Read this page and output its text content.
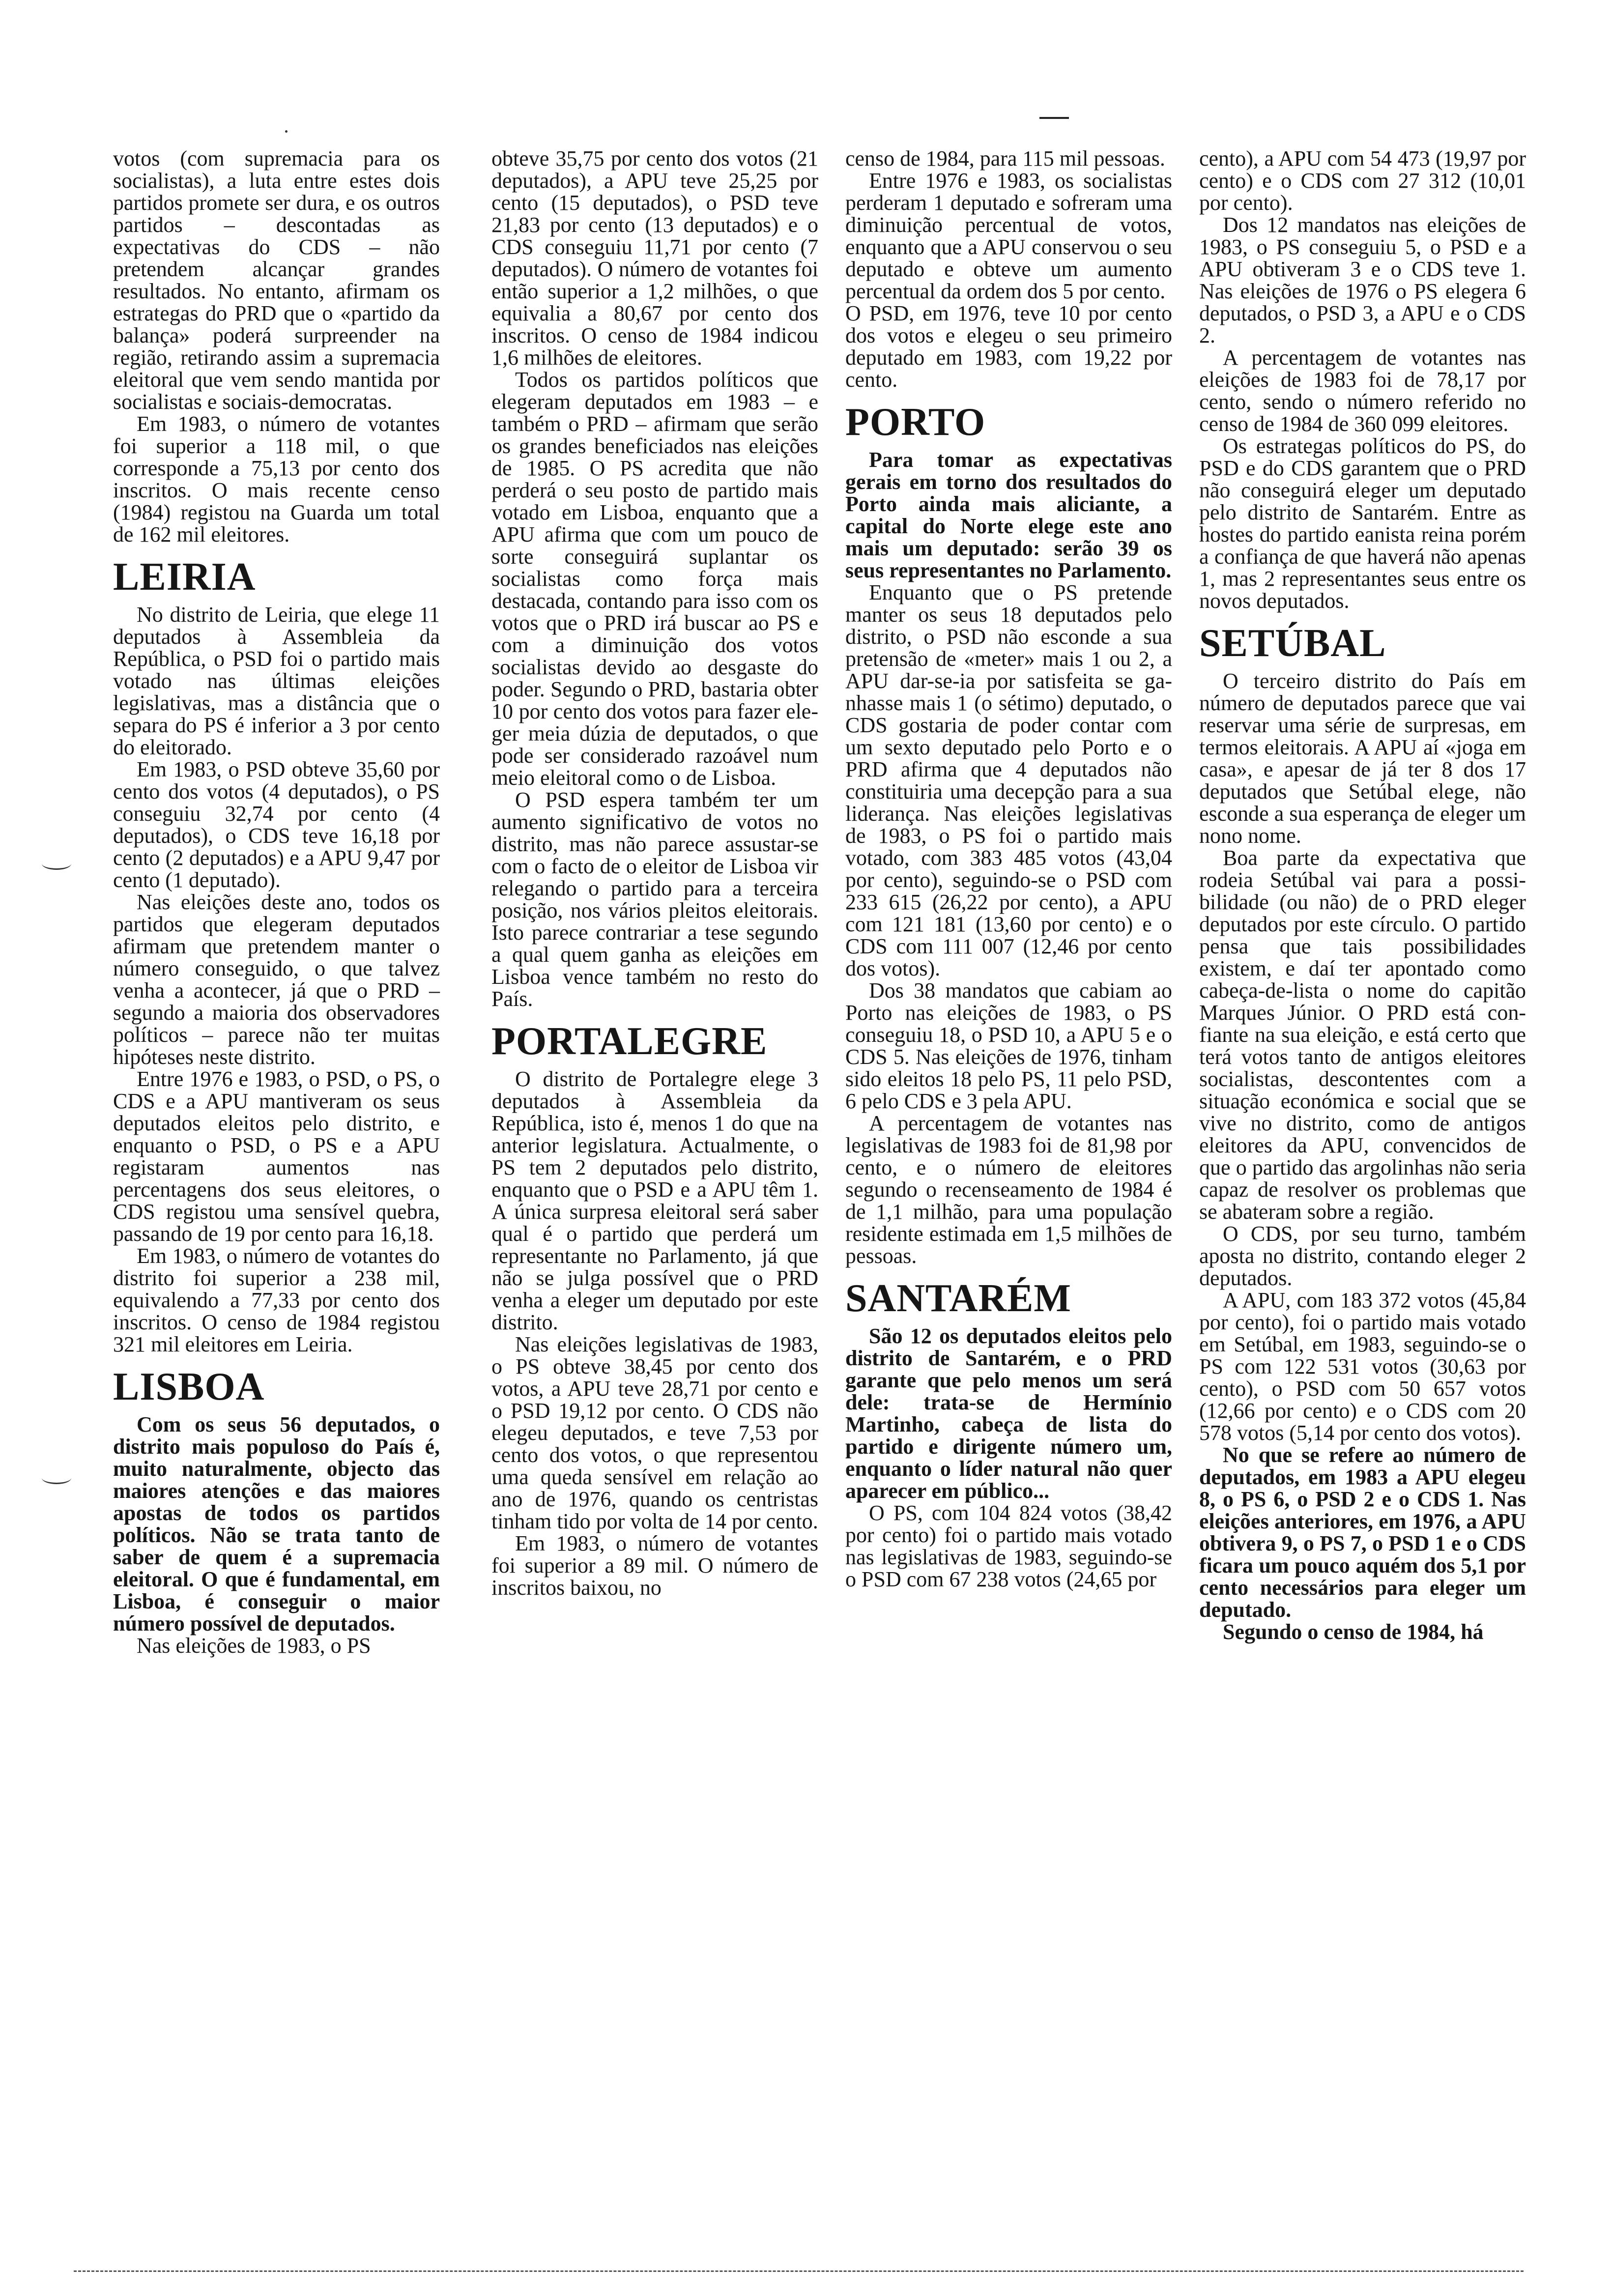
votos (com supremacia para os socialistas), a luta entre estes dois partidos promete ser dura, e os outros partidos – descontadas as expectativas do CDS – não pretendem alcançar grandes resultados. No entanto, afirmam os estrategas do PRD que o «partido da balança» poderá surpreender na região, retirando assim a supremacia eleitoral que vem sendo mantida por socialistas e sociais-democratas.

Em 1983, o número de votantes foi superior a 118 mil, o que corresponde a 75,13 por cento dos inscritos. O mais recente censo (1984) registou na Guarda um total de 162 mil eleitores.

LEIRIA

No distrito de Leiria, que elege 11 deputados à Assembleia da República, o PSD foi o partido mais votado nas últimas eleições legislativas, mas a distância que o separa do PS é inferior a 3 por cento do eleitorado.

Em 1983, o PSD obteve 35,60 por cento dos votos (4 deputados), o PS conseguiu 32,74 por cento (4 deputados), o CDS teve 16,18 por cento (2 deputados) e a APU 9,47 por cento (1 deputado).

Nas eleições deste ano, todos os partidos que elegeram deputados afirmam que pretendem manter o número conseguido, o que talvez venha a acontecer, já que o PRD – segundo a maioria dos observadores políticos – parece não ter muitas hipóteses neste distrito.

Entre 1976 e 1983, o PSD, o PS, o CDS e a APU mantiveram os seus deputados eleitos pelo distrito, e enquanto o PSD, o PS e a APU registaram aumentos nas percentagens dos seus eleitores, o CDS registou uma sensível quebra, passando de 19 por cento para 16,18.

Em 1983, o número de votantes do distrito foi superior a 238 mil, equivalendo a 77,33 por cento dos inscritos. O censo de 1984 registou 321 mil eleitores em Leiria.

LISBOA

Com os seus 56 deputados, o distrito mais populoso do País é, muito naturalmente, objecto das maiores atenções e das maiores apostas de todos os partidos políticos. Não se trata tanto de saber de quem é a supremacia eleitoral. O que é fundamental, em Lisboa, é conseguir o maior número possível de deputados.

Nas eleições de 1983, o PS

obteve 35,75 por cento dos votos (21 deputados), a APU teve 25,25 por cento (15 deputados), o PSD teve 21,83 por cento (13 deputados) e o CDS conseguiu 11,71 por cento (7 deputados). O número de votantes foi então superior a 1,2 milhões, o que equivalia a 80,67 por cento dos inscritos. O censo de 1984 indicou 1,6 milhões de eleitores.

Todos os partidos políticos que elegeram deputados em 1983 – e também o PRD – afirmam que serão os grandes beneficiados nas eleições de 1985. O PS acredita que não perderá o seu posto de partido mais votado em Lisboa, enquanto que a APU afirma que com um pouco de sorte conseguirá suplantar os socialistas como força mais destacada, contando para isso com os votos que o PRD irá buscar ao PS e com a diminuição dos votos socialistas devido ao desgaste do poder. Segundo o PRD, bastaria obter 10 por cento dos votos para fazer eleger meia dúzia de deputados, o que pode ser considerado razoável num meio eleitoral como o de Lisboa.

O PSD espera também ter um aumento significativo de votos no distrito, mas não parece assustar-se com o facto de o eleitor de Lisboa vir relegando o partido para a terceira posição, nos vários pleitos eleitorais. Isto parece contrariar a tese segundo a qual quem ganha as eleições em Lisboa vence também no resto do País.

PORTALEGRE

O distrito de Portalegre elege 3 deputados à Assembleia da República, isto é, menos 1 do que na anterior legislatura. Actualmente, o PS tem 2 deputados pelo distrito, enquanto que o PSD e a APU têm 1. A única surpresa eleitoral será saber qual é o partido que perderá um representante no Parlamento, já que não se julga possível que o PRD venha a eleger um deputado por este distrito.

Nas eleições legislativas de 1983, o PS obteve 38,45 por cento dos votos, a APU teve 28,71 por cento e o PSD 19,12 por cento. O CDS não elegeu deputados, e teve 7,53 por cento dos votos, o que representou uma queda sensível em relação ao ano de 1976, quando os centristas tinham tido por volta de 14 por cento.

Em 1983, o número de votantes foi superior a 89 mil. O número de inscritos baixou, no

censo de 1984, para 115 mil pessoas.

Entre 1976 e 1983, os socialistas perderam 1 deputado e sofreram uma diminuição percentual de votos, enquanto que a APU conservou o seu deputado e obteve um aumento percentual da ordem dos 5 por cento.

O PSD, em 1976, teve 10 por cento dos votos e elegeu o seu primeiro deputado em 1983, com 19,22 por cento.

PORTO

Para tomar as expectativas gerais em torno dos resultados do Porto ainda mais aliciante, a capital do Norte elege este ano mais um deputado: serão 39 os seus representantes no Parlamento.

Enquanto que o PS pretende manter os seus 18 deputados pelo distrito, o PSD não esconde a sua pretensão de «meter» mais 1 ou 2, a APU dar-se-ia por satisfeita se ganhasse mais 1 (o sétimo) deputado, o CDS gostaria de poder contar com um sexto deputado pelo Porto e o PRD afirma que 4 deputados não constituiria uma decepção para a sua liderança. Nas eleições legislativas de 1983, o PS foi o partido mais votado, com 383 485 votos (43,04 por cento), seguindo-se o PSD com 233 615 (26,22 por cento), a APU com 121 181 (13,60 por cento) e o CDS com 111 007 (12,46 por cento dos votos).

Dos 38 mandatos que cabiam ao Porto nas eleições de 1983, o PS conseguiu 18, o PSD 10, a APU 5 e o CDS 5. Nas eleições de 1976, tinham sido eleitos 18 pelo PS, 11 pelo PSD, 6 pelo CDS e 3 pela APU.

A percentagem de votantes nas legislativas de 1983 foi de 81,98 por cento, e o número de eleitores segundo o recenseamento de 1984 é de 1,1 milhão, para uma população residente estimada em 1,5 milhões de pessoas.

SANTARÉM

São 12 os deputados eleitos pelo distrito de Santarém, e o PRD garante que pelo menos um será dele: trata-se de Hermínio Martinho, cabeça de lista do partido e dirigente número um, enquanto o líder natural não quer aparecer em público...

O PS, com 104 824 votos (38,42 por cento) foi o partido mais votado nas legislativas de 1983, seguindo-se o PSD com 67 238 votos (24,65 por

cento), a APU com 54 473 (19,97 por cento) e o CDS com 27 312 (10,01 por cento).

Dos 12 mandatos nas eleições de 1983, o PS conseguiu 5, o PSD e a APU obtiveram 3 e o CDS teve 1. Nas eleições de 1976 o PS elegera 6 deputados, o PSD 3, a APU e o CDS 2.

A percentagem de votantes nas eleições de 1983 foi de 78,17 por cento, sendo o número referido no censo de 1984 de 360 099 eleitores.

Os estrategas políticos do PS, do PSD e do CDS garantem que o PRD não conseguirá eleger um deputado pelo distrito de Santarém. Entre as hostes do partido eanista reina porém a confiança de que haverá não apenas 1, mas 2 representantes seus entre os novos deputados.

SETÚBAL

O terceiro distrito do País em número de deputados parece que vai reservar uma série de surpresas, em termos eleitorais. A APU aí «joga em casa», e apesar de já ter 8 dos 17 deputados que Setúbal elege, não esconde a sua esperança de eleger um nono nome.

Boa parte da expectativa que rodeia Setúbal vai para a possibilidade (ou não) de o PRD eleger deputados por este círculo. O partido pensa que tais possibilidades existem, e daí ter apontado como cabeça-de-lista o nome do capitão Marques Júnior. O PRD está confiante na sua eleição, e está certo que terá votos tanto de antigos eleitores socialistas, descontentes com a situação económica e social que se vive no distrito, como de antigos eleitores da APU, convencidos de que o partido das argolinhas não seria capaz de resolver os problemas que se abateram sobre a região.

O CDS, por seu turno, também aposta no distrito, contando eleger 2 deputados.

A APU, com 183 372 votos (45,84 por cento), foi o partido mais votado em Setúbal, em 1983, seguindo-se o PS com 122 531 votos (30,63 por cento), o PSD com 50 657 votos (12,66 por cento) e o CDS com 20 578 votos (5,14 por cento dos votos).

No que se refere ao número de deputados, em 1983 a APU elegeu 8, o PS 6, o PSD 2 e o CDS 1. Nas eleições anteriores, em 1976, a APU obtivera 9, o PS 7, o PSD 1 e o CDS ficara um pouco aquém dos 5,1 por cento necessários para eleger um deputado.

Segundo o censo de 1984, há
